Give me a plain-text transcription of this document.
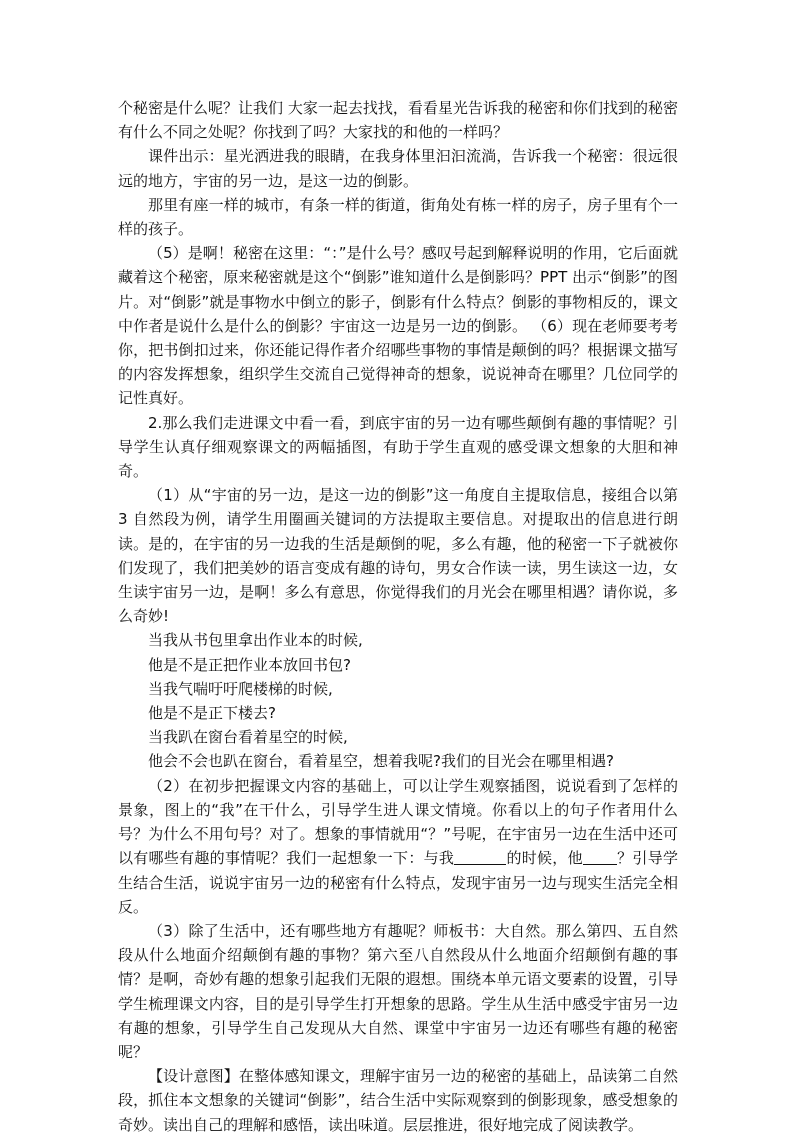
个秘密是什么呢？让我们 大家一起去找找，看看星光告诉我的秘密和你们找到的秘密有什么不同之处呢？你找到了吗？大家找的和他的一样吗？

课件出示：星光洒进我的眼睛，在我身体里汩汩流淌，告诉我一个秘密：很远很远的地方，宇宙的另一边，是这一边的倒影。

那里有座一样的城市，有条一样的街道，街角处有栋一样的房子，房子里有个一样的孩子。

（5）是啊！秘密在这里：“：”是什么号？感叹号起到解释说明的作用，它后面就藏着这个秘密，原来秘密就是这个“倒影”谁知道什么是倒影吗？PPT 出示“倒影”的图片。对“倒影”就是事物水中倒立的影子，倒影有什么特点？倒影的事物相反的，课文中作者是说什么是什么的倒影？宇宙这一边是另一边的倒影。 （6）现在老师要考考你，把书倒扣过来，你还能记得作者介绍哪些事物的事情是颠倒的吗？根据课文描写的内容发挥想象，组织学生交流自己觉得神奇的想象，说说神奇在哪里？几位同学的记性真好。

2.那么我们走进课文中看一看，到底宇宙的另一边有哪些颠倒有趣的事情呢？引导学生认真仔细观察课文的两幅插图，有助于学生直观的感受课文想象的大胆和神奇。

（1）从“宇宙的另一边，是这一边的倒影”这一角度自主提取信息，接组合以第 3 自然段为例，请学生用圈画关键词的方法提取主要信息。对提取出的信息进行朗读。是的，在宇宙的另一边我的生活是颠倒的呢，多么有趣，他的秘密一下子就被你们发现了，我们把美妙的语言变成有趣的诗句，男女合作读一读，男生读这一边，女生读宇宙另一边，是啊！多么有意思，你觉得我们的月光会在哪里相遇？请你说，多么奇妙!

当我从书包里拿出作业本的时候,

他是不是正把作业本放回书包?

当我气喘吁吁爬楼梯的时候,

他是不是正下楼去?

当我趴在窗台看着星空的时候,

他会不会也趴在窗台，看着星空，想着我呢?我们的目光会在哪里相遇?

（2）在初步把握课文内容的基础上，可以让学生观察插图，说说看到了怎样的景象，图上的“我”在干什么，引导学生进人课文情境。你看以上的句子作者用什么号？为什么不用句号？对了。想象的事情就用“？”号呢，在宇宙另一边在生活中还可以有哪些有趣的事情呢？我们一起想象一下：与我	的时候，他 ？引导学生结合生活，说说宇宙另一边的秘密有什么特点，发现宇宙另一边与现实生活完全相反。

（3）除了生活中，还有哪些地方有趣呢？师板书：大自然。那么第四、五自然段从什么地面介绍颠倒有趣的事物？第六至八自然段从什么地面介绍颠倒有趣的事情？是啊，奇妙有趣的想象引起我们无限的遐想。围绕本单元语文要素的设置，引导学生梳理课文内容，目的是引导学生打开想象的思路。学生从生活中感受宇宙另一边有趣的想象，引导学生自己发现从大自然、课堂中宇宙另一边还有哪些有趣的秘密呢？

【设计意图】在整体感知课文，理解宇宙另一边的秘密的基础上，品读第二自然段，抓住本文想象的关键词“倒影”，结合生活中实际观察到的倒影现象，感受想象的奇妙。读出自己的理解和感悟，读出味道。层层推进，很好地完成了阅读教学。
